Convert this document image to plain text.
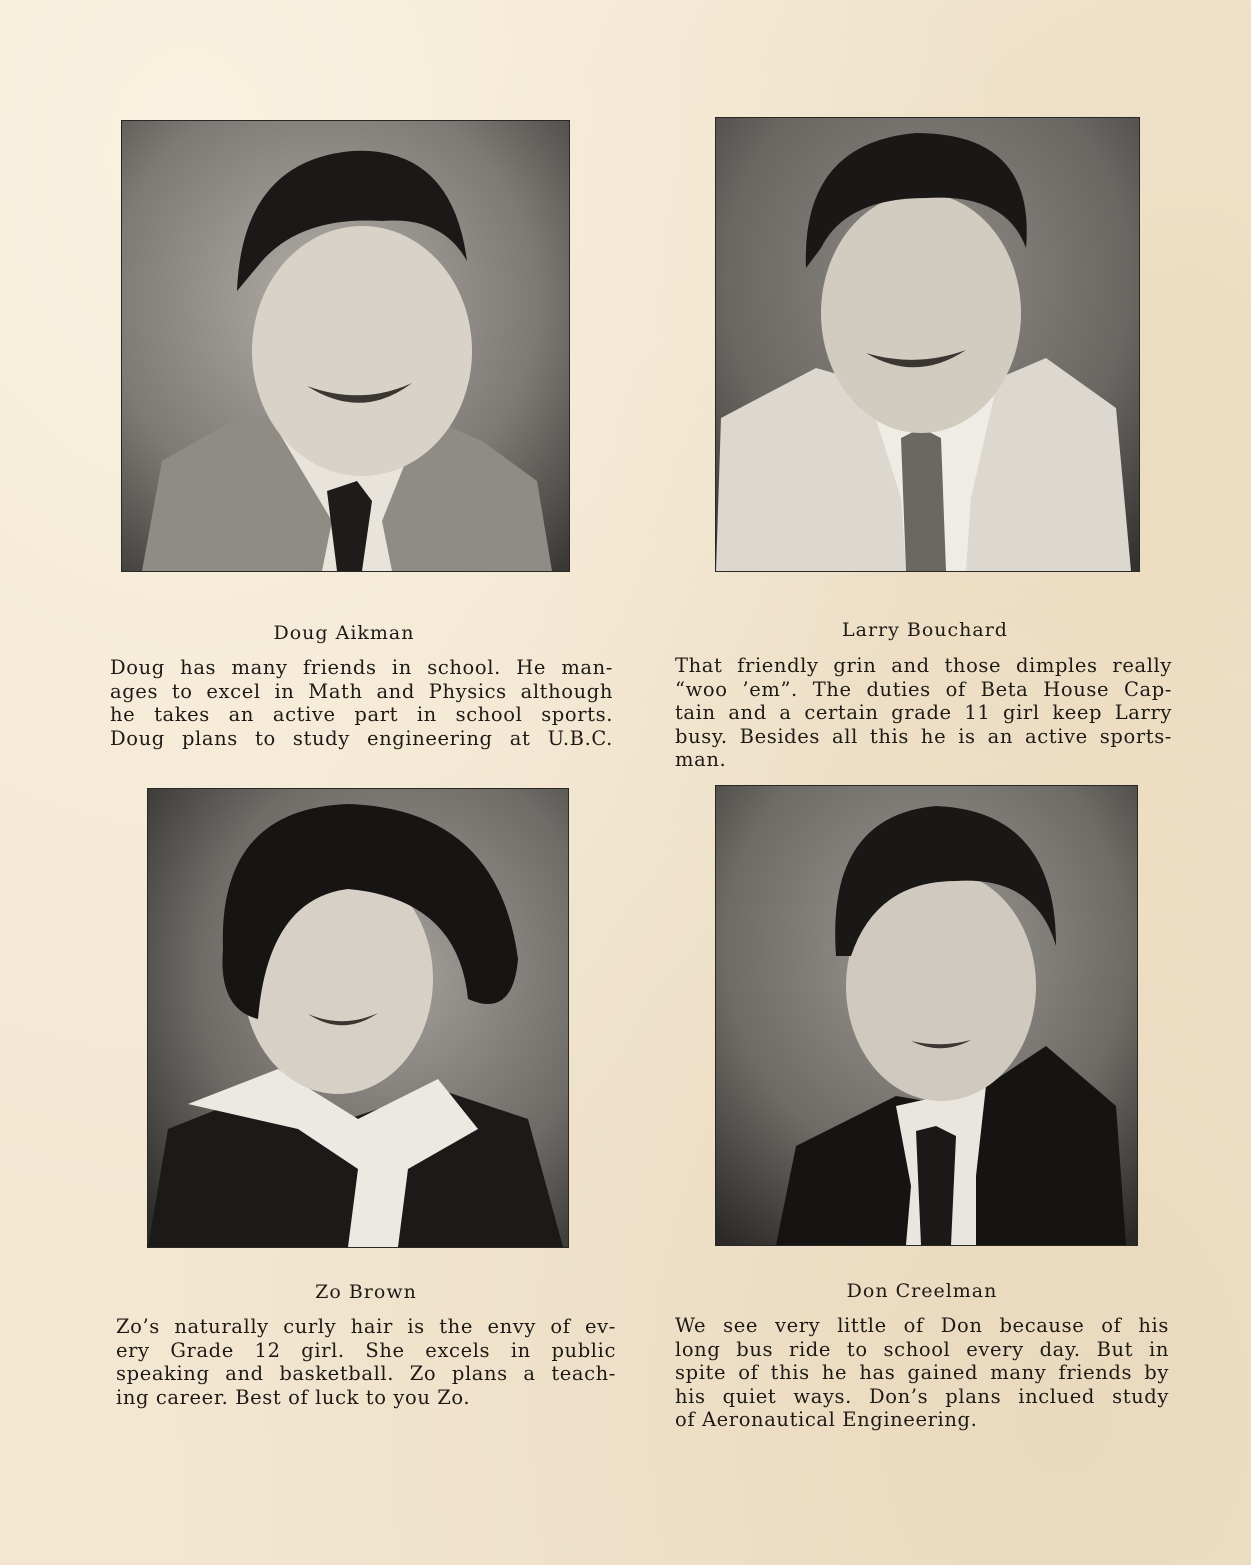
Doug Aikman
Doug has many friends in school. He man-
ages to excel in Math and Physics although
he takes an active part in school sports.
Doug plans to study engineering at U.B.C.
Larry Bouchard
That friendly grin and those dimples really
“woo ’em”. The duties of Beta House Cap-
tain and a certain grade 11 girl keep Larry
busy. Besides all this he is an active sports-
man.
Zo Brown
Zo’s naturally curly hair is the envy of ev-
ery Grade 12 girl. She excels in public
speaking and basketball. Zo plans a teach-
ing career. Best of luck to you Zo.
Don Creelman
We see very little of Don because of his
long bus ride to school every day. But in
spite of this he has gained many friends by
his quiet ways. Don’s plans inclued study
of Aeronautical Engineering.
